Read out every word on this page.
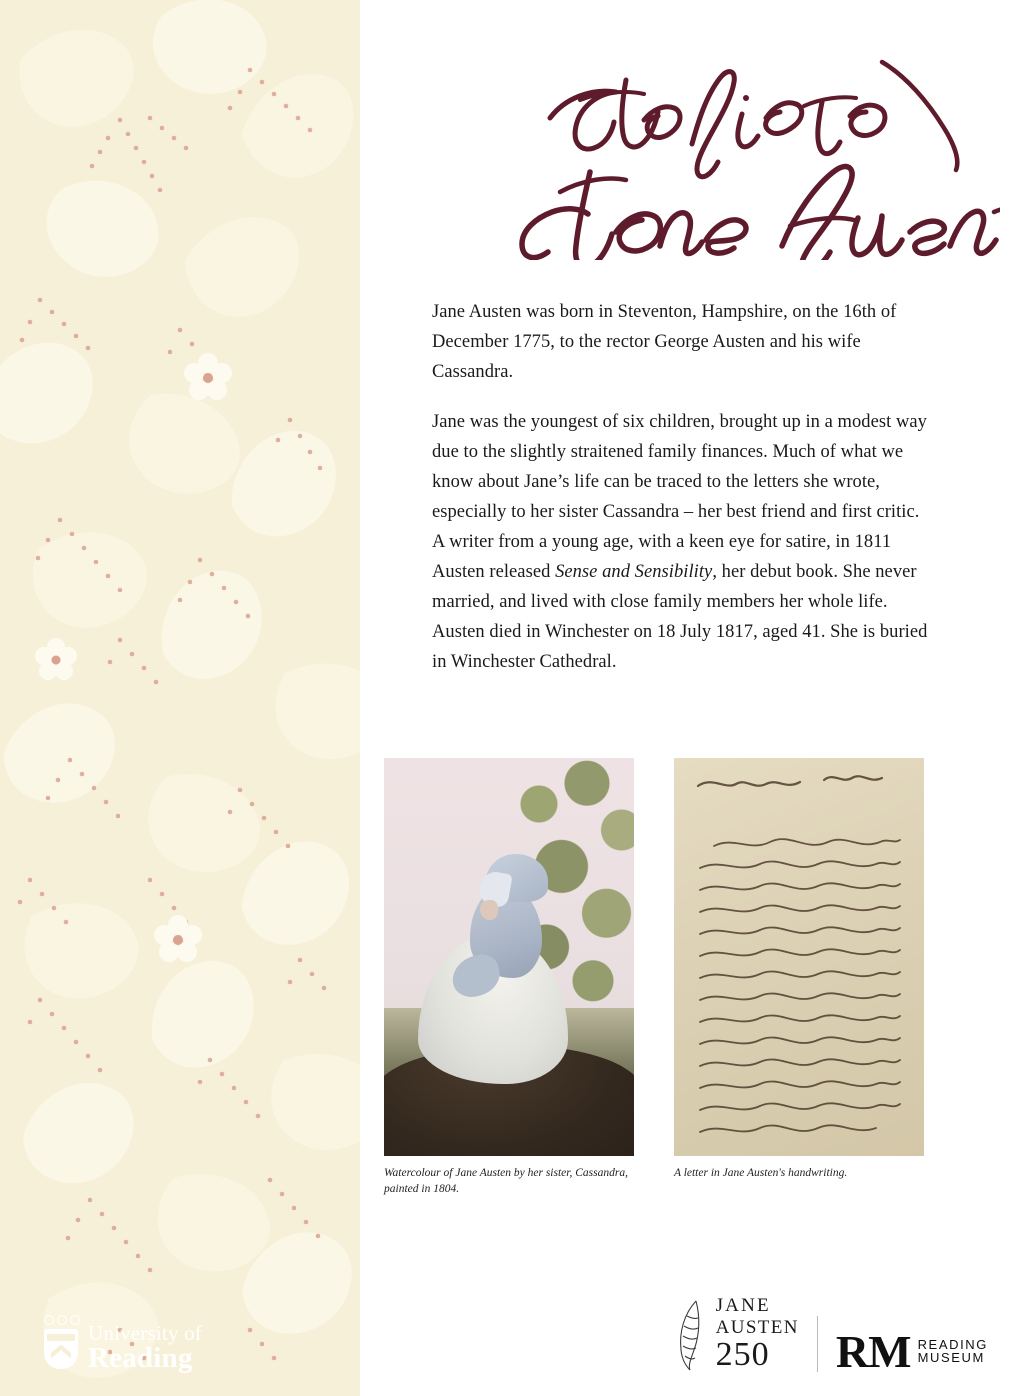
University of
Reading

Jane Austen was born in Steventon, Hampshire, on the 16th of December 1775, to the rector George Austen and his wife Cassandra.

Jane was the youngest of six children, brought up in a modest way due to the slightly straitened family finances. Much of what we know about Jane’s life can be traced to the letters she wrote, especially to her sister Cassandra – her best friend and first critic. A writer from a young age, with a keen eye for satire, in 1811 Austen released Sense and Sensibility, her debut book. She never married, and lived with close family members her whole life. Austen died in Winchester on 18 July 1817, aged 41. She is buried in Winchester Cathedral.

Watercolour of Jane Austen by her sister, Cassandra, painted in 1804.
A letter in Jane Austen's handwriting.
JANE
AUSTEN
250	RM READING
MUSEUM
